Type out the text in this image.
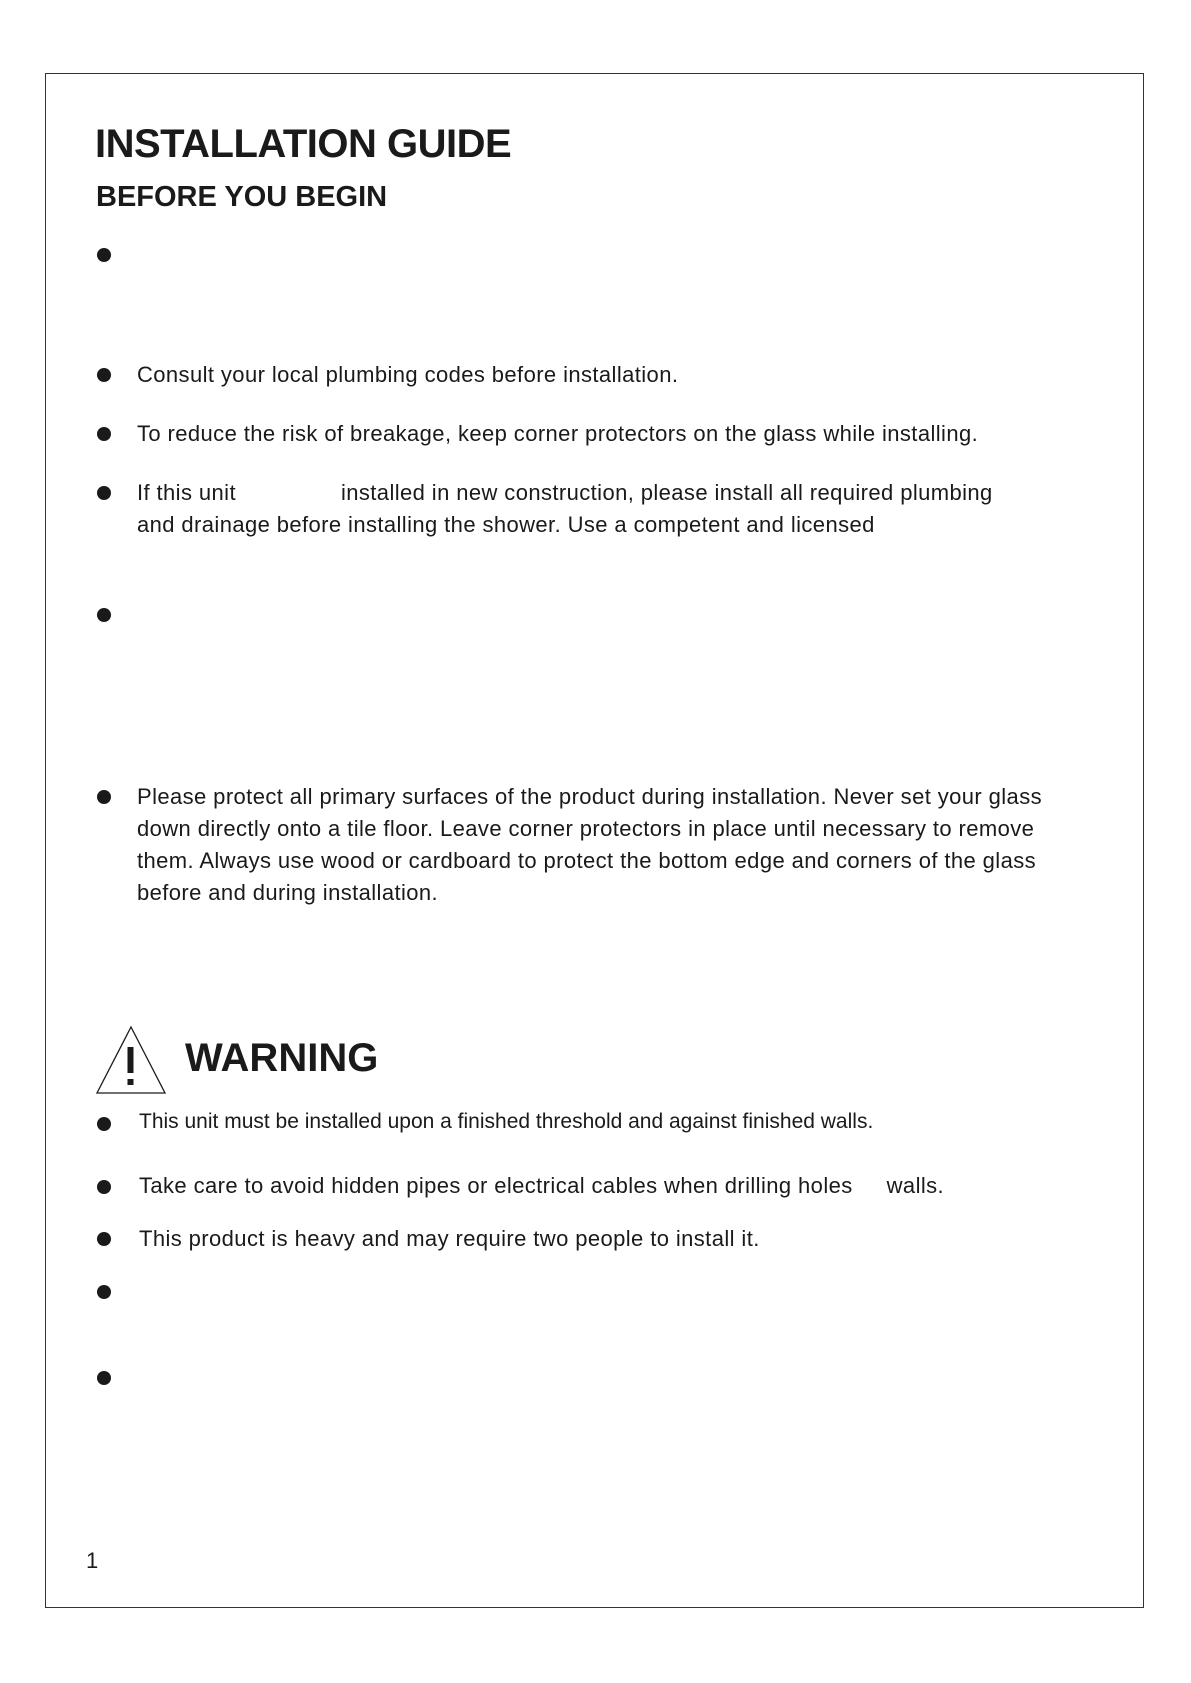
INSTALLATION GUIDE
BEFORE YOU BEGIN
Consult your local plumbing codes before installation.
To reduce the risk of breakage, keep corner protectors on the glass while installing.
If this unit	installed in new construction, please install all required plumbing
and drainage before installing the shower. Use a competent and licensed
Please protect all primary surfaces of the product during installation. Never set your glass down directly onto a tile floor. Leave corner protectors in place until necessary to remove them. Always use wood or cardboard to protect the bottom edge and corners of the glass before and during installation.
WARNING
This unit must be installed upon a finished threshold and against finished walls.
Take care to avoid hidden pipes or electrical cables when drilling holes walls.
This product is heavy and may require two people to install it.
1
